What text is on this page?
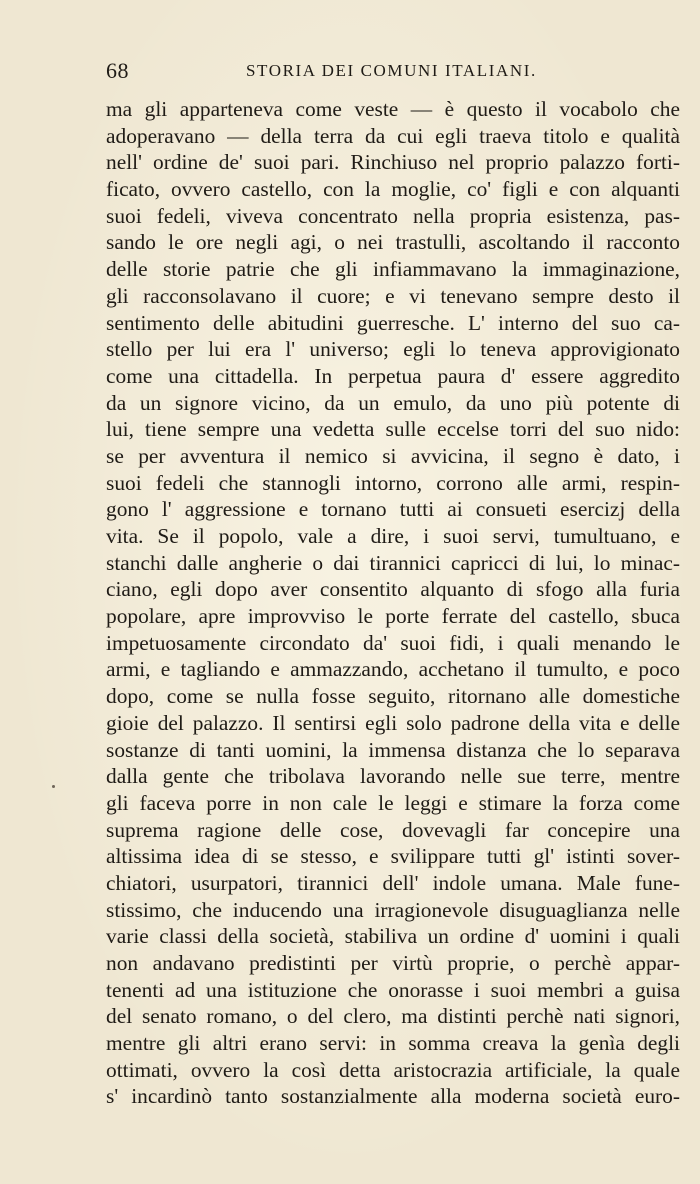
68	STORIA DEI COMUNI ITALIANI.
ma gli apparteneva come veste — è questo il vocabolo che
adoperavano — della terra da cui egli traeva titolo e qualità
nell' ordine de' suoi pari. Rinchiuso nel proprio palazzo forti-
ficato, ovvero castello, con la moglie, co' figli e con alquanti
suoi fedeli, viveva concentrato nella propria esistenza, pas-
sando le ore negli agi, o nei trastulli, ascoltando il racconto
delle storie patrie che gli infiammavano la immaginazione,
gli racconsolavano il cuore; e vi tenevano sempre desto il
sentimento delle abitudini guerresche. L' interno del suo ca-
stello per lui era l' universo; egli lo teneva approvigionato
come una cittadella. In perpetua paura d' essere aggredito
da un signore vicino, da un emulo, da uno più potente di
lui, tiene sempre una vedetta sulle eccelse torri del suo nido:
se per avventura il nemico si avvicina, il segno è dato, i
suoi fedeli che stannogli intorno, corrono alle armi, respin-
gono l' aggressione e tornano tutti ai consueti esercizj della
vita. Se il popolo, vale a dire, i suoi servi, tumultuano, e
stanchi dalle angherie o dai tirannici capricci di lui, lo minac-
ciano, egli dopo aver consentito alquanto di sfogo alla furia
popolare, apre improvviso le porte ferrate del castello, sbuca
impetuosamente circondato da' suoi fidi, i quali menando le
armi, e tagliando e ammazzando, acchetano il tumulto, e poco
dopo, come se nulla fosse seguito, ritornano alle domestiche
gioie del palazzo. Il sentirsi egli solo padrone della vita e delle
sostanze di tanti uomini, la immensa distanza che lo separava
dalla gente che tribolava lavorando nelle sue terre, mentre
gli faceva porre in non cale le leggi e stimare la forza come
suprema ragione delle cose, dovevagli far concepire una
altissima idea di se stesso, e svilippare tutti gl' istinti sover-
chiatori, usurpatori, tirannici dell' indole umana. Male fune-
stissimo, che inducendo una irragionevole disuguaglianza nelle
varie classi della società, stabiliva un ordine d' uomini i quali
non andavano predistinti per virtù proprie, o perchè appar-
tenenti ad una istituzione che onorasse i suoi membri a guisa
del senato romano, o del clero, ma distinti perchè nati signori,
mentre gli altri erano servi: in somma creava la genìa degli
ottimati, ovvero la così detta aristocrazia artificiale, la quale
s' incardinò tanto sostanzialmente alla moderna società euro-
